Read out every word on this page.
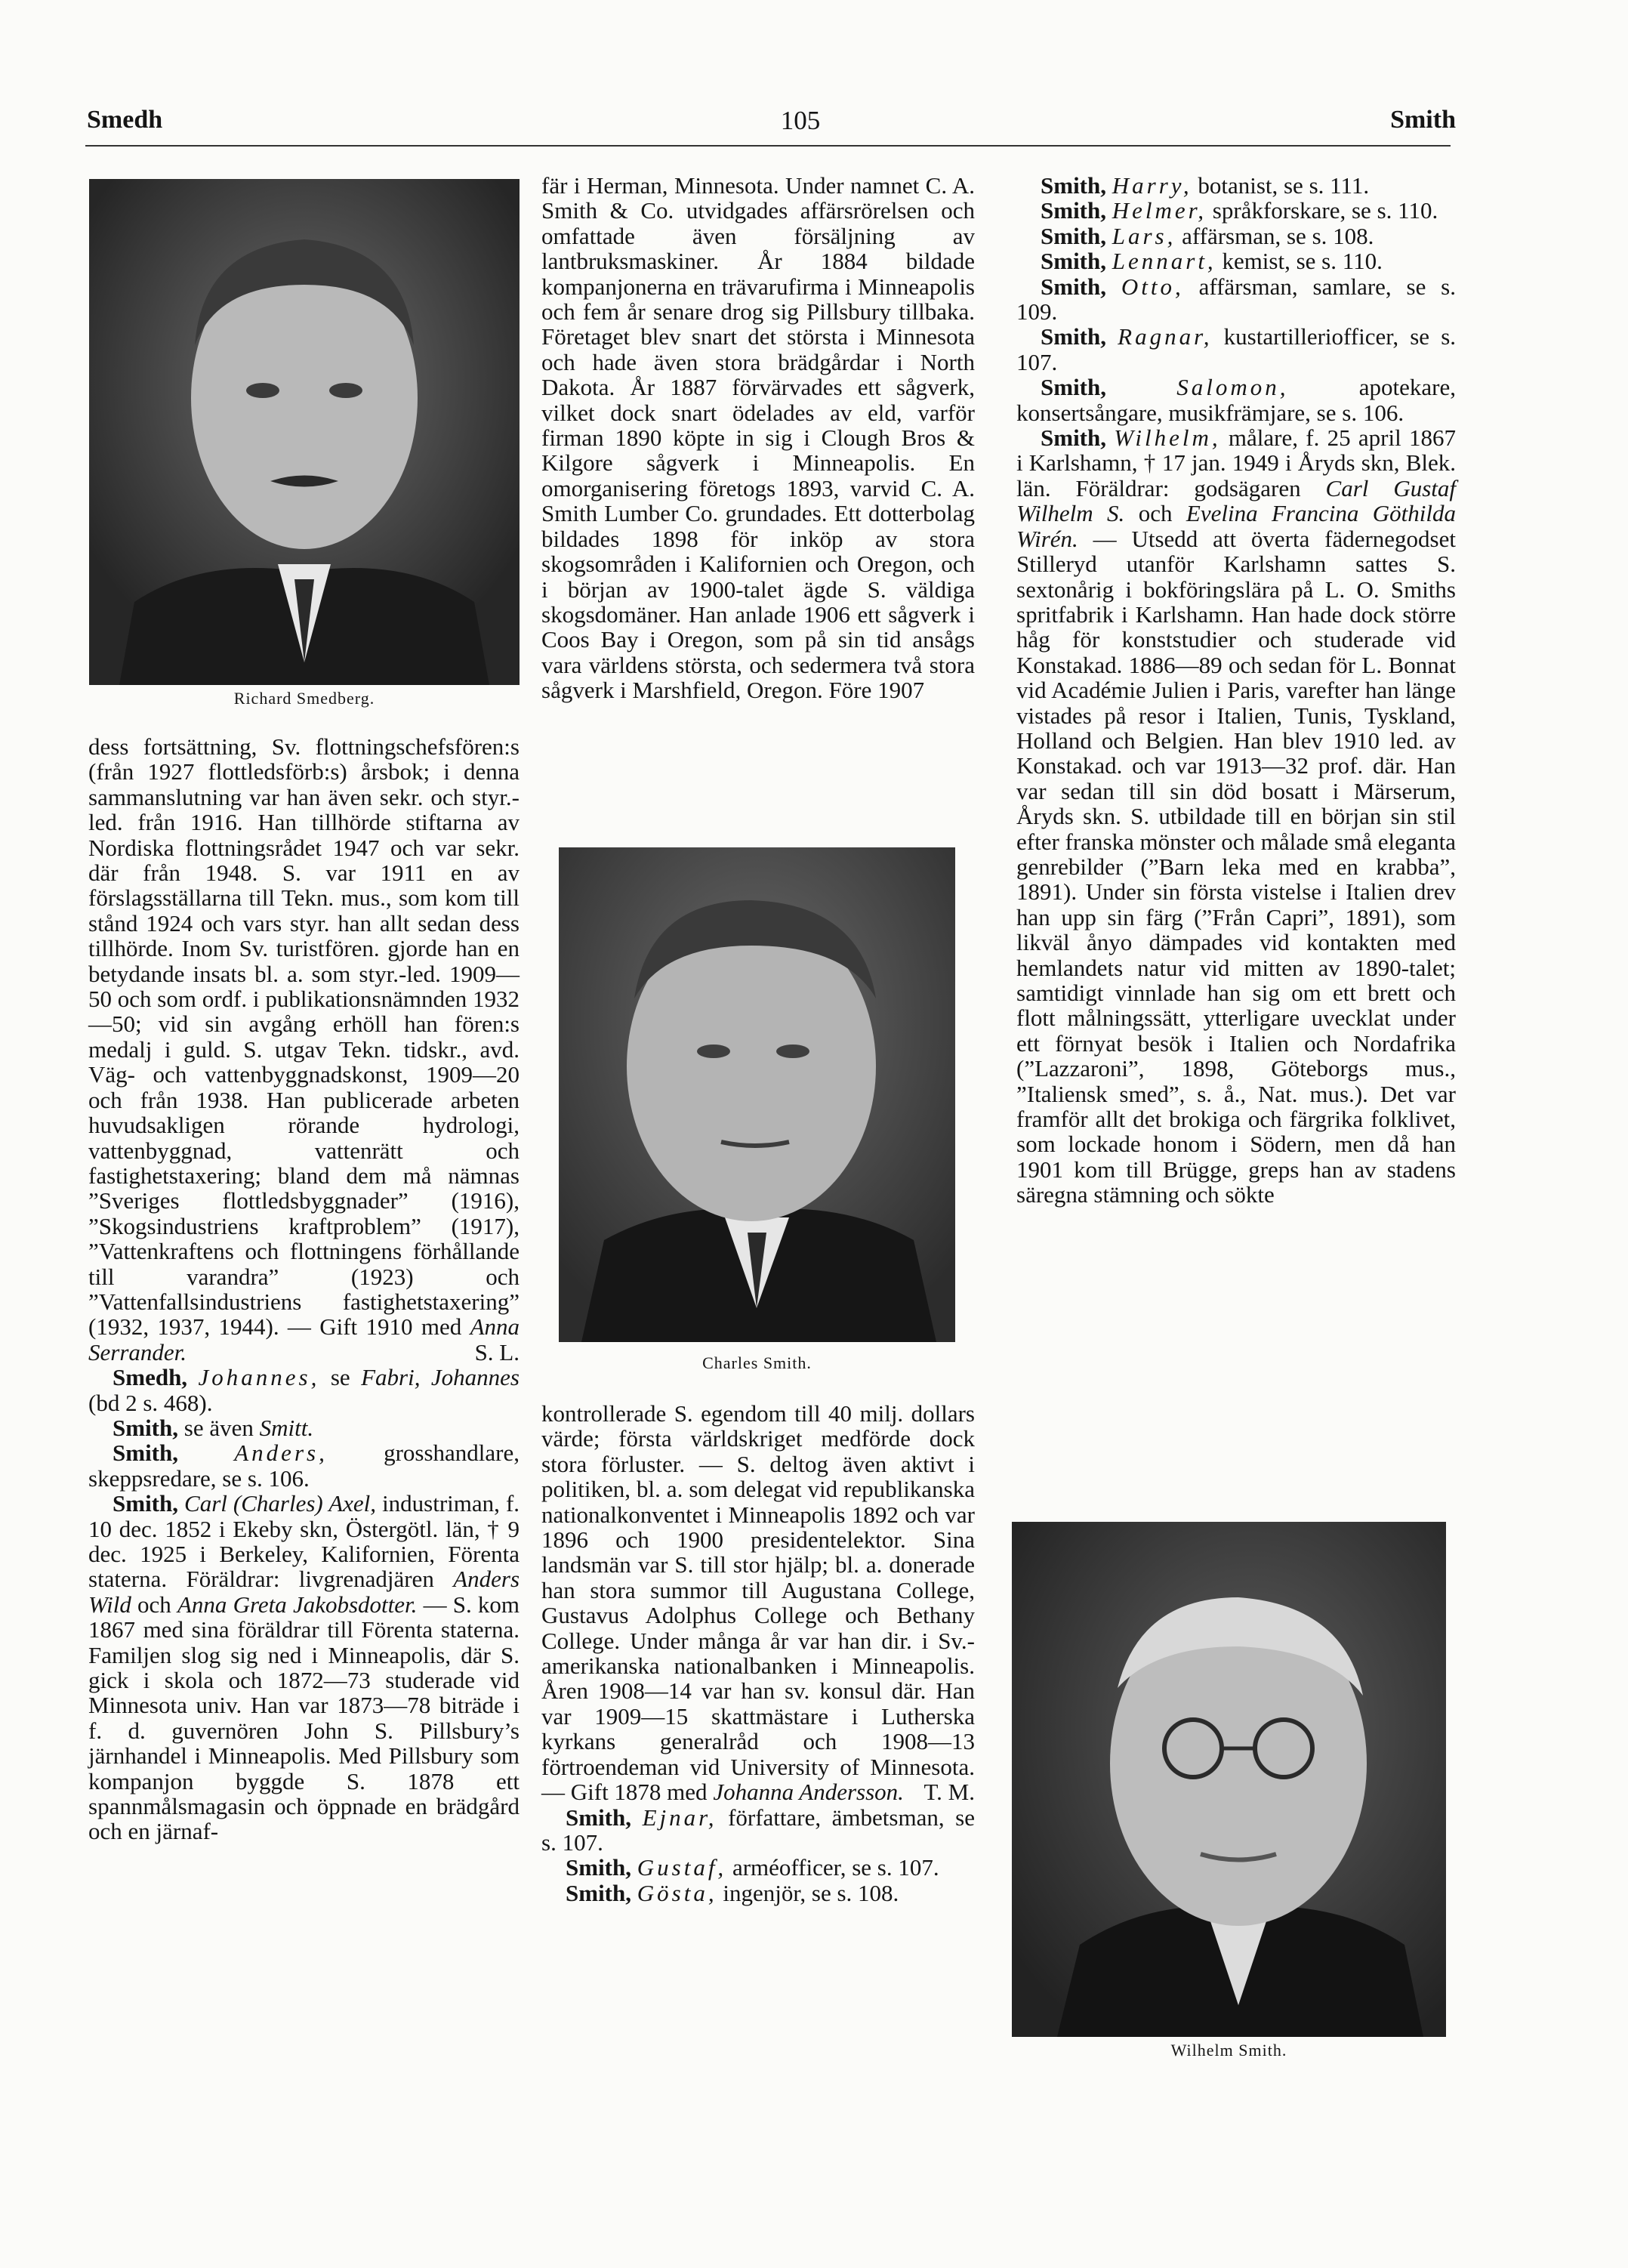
Smedh	105	Smith
Richard Smedberg.

dess fortsättning, Sv. flottningschefsfören:s (från 1927 flottledsförb:s) årsbok; i denna sammanslutning var han även sekr. och styr.-led. från 1916. Han tillhörde stiftarna av Nordiska flottningsrådet 1947 och var sekr. där från 1948. S. var 1911 en av förslagsställarna till Tekn. mus., som kom till stånd 1924 och vars styr. han allt sedan dess tillhörde. Inom Sv. turistfören. gjorde han en betydande insats bl. a. som styr.-led. 1909—50 och som ordf. i publikationsnämnden 1932—50; vid sin avgång erhöll han fören:s medalj i guld. S. utgav Tekn. tidskr., avd. Väg- och vattenbyggnadskonst, 1909—20 och från 1938. Han publicerade arbeten huvudsakligen rörande hydrologi, vattenbyggnad, vattenrätt och fastighetstaxering; bland dem må nämnas ”Sveriges flottledsbyggnader” (1916), ”Skogsindustriens kraftproblem” (1917), ”Vattenkraftens och flottningens förhållande till varandra” (1923) och ”Vattenfallsindustriens fastighetstaxering” (1932, 1937, 1944). — Gift 1910 med Anna Serrander.	S. L.

Smedh, Johannes, se Fabri, Johannes (bd 2 s. 468).

Smith, se även Smitt.

Smith, Anders, grosshandlare, skeppsredare, se s. 106.

Smith, Carl (Charles) Axel, industriman, f. 10 dec. 1852 i Ekeby skn, Östergötl. län, † 9 dec. 1925 i Berkeley, Kalifornien, Förenta staterna. Föräldrar: livgrenadjären Anders Wild och Anna Greta Jakobsdotter. — S. kom 1867 med sina föräldrar till Förenta staterna. Familjen slog sig ned i Minneapolis, där S. gick i skola och 1872—73 studerade vid Minnesota univ. Han var 1873—78 biträde i f. d. guvernören John S. Pillsbury’s järnhandel i Minneapolis. Med Pillsbury som kompanjon byggde S. 1878 ett spannmålsmagasin och öppnade en brädgård och en järnaf-

fär i Herman, Minnesota. Under namnet C. A. Smith & Co. utvidgades affärsrörelsen och omfattade även försäljning av lantbruksmaskiner. År 1884 bildade kompanjonerna en trävarufirma i Minneapolis och fem år senare drog sig Pillsbury tillbaka. Företaget blev snart det största i Minnesota och hade även stora brädgårdar i North Dakota. År 1887 förvärvades ett sågverk, vilket dock snart ödelades av eld, varför firman 1890 köpte in sig i Clough Bros & Kilgore sågverk i Minneapolis. En omorganisering företogs 1893, varvid C. A. Smith Lumber Co. grundades. Ett dotterbolag bildades 1898 för inköp av stora skogsområden i Kalifornien och Oregon, och i början av 1900-talet ägde S. väldiga skogsdomäner. Han anlade 1906 ett sågverk i Coos Bay i Oregon, som på sin tid ansågs vara världens största, och sedermera två stora sågverk i Marshfield, Oregon. Före 1907

Charles Smith.

kontrollerade S. egendom till 40 milj. dollars värde; första världskriget medförde dock stora förluster. — S. deltog även aktivt i politiken, bl. a. som delegat vid republikanska nationalkonventet i Minneapolis 1892 och var 1896 och 1900 presidentelektor. Sina landsmän var S. till stor hjälp; bl. a. donerade han stora summor till Augustana College, Gustavus Adolphus College och Bethany College. Under många år var han dir. i Sv.-amerikanska nationalbanken i Minneapolis. Åren 1908—14 var han sv. konsul där. Han var 1909—15 skattmästare i Lutherska kyrkans generalråd och 1908—13 förtroendeman vid University of Minnesota. — Gift 1878 med Johanna Andersson. T. M.

Smith, Ejnar, författare, ämbetsman, se s. 107.

Smith, Gustaf, arméofficer, se s. 107.

Smith, Gösta, ingenjör, se s. 108.

Smith, Harry, botanist, se s. 111.

Smith, Helmer, språkforskare, se s. 110.

Smith, Lars, affärsman, se s. 108.

Smith, Lennart, kemist, se s. 110.

Smith, Otto, affärsman, samlare, se s. 109.

Smith, Ragnar, kustartilleriofficer, se s. 107.

Smith,	Salomon,	apotekare, konsertsångare, musikfrämjare, se s. 106.

Smith, Wilhelm, målare, f. 25 april 1867 i Karlshamn, † 17 jan. 1949 i Åryds skn, Blek. län. Föräldrar: godsägaren Carl Gustaf Wilhelm S. och Evelina Francina Göthilda Wirén. — Utsedd att överta fädernegodset Stilleryd utanför Karlshamn sattes S. sextonårig i bokföringslära på L. O. Smiths spritfabrik i Karlshamn. Han hade dock större håg för konststudier och studerade vid Konstakad. 1886—89 och sedan för L. Bonnat vid Académie Julien i Paris, varefter han länge vistades på resor i Italien, Tunis, Tyskland, Holland och Belgien. Han blev 1910 led. av Konstakad. och var 1913—32 prof. där. Han var sedan till sin död bosatt i Märserum, Åryds skn. S. utbildade till en början sin stil efter franska mönster och målade små eleganta genrebilder (”Barn leka med en krabba”, 1891). Under sin första vistelse i Italien drev han upp sin färg (”Från Capri”, 1891), som likväl ånyo dämpades vid kontakten med hemlandets natur vid mitten av 1890-talet; samtidigt vinnlade han sig om ett brett och flott målningssätt, ytterligare uvecklat under ett förnyat besök i Italien och Nordafrika (”Lazzaroni”, 1898, Göteborgs mus., ”Italiensk smed”, s. å., Nat. mus.). Det var framför allt det brokiga och färgrika folklivet, som lockade honom i Södern, men då han 1901 kom till Brügge, greps han av stadens säregna stämning och sökte

Wilhelm Smith.
